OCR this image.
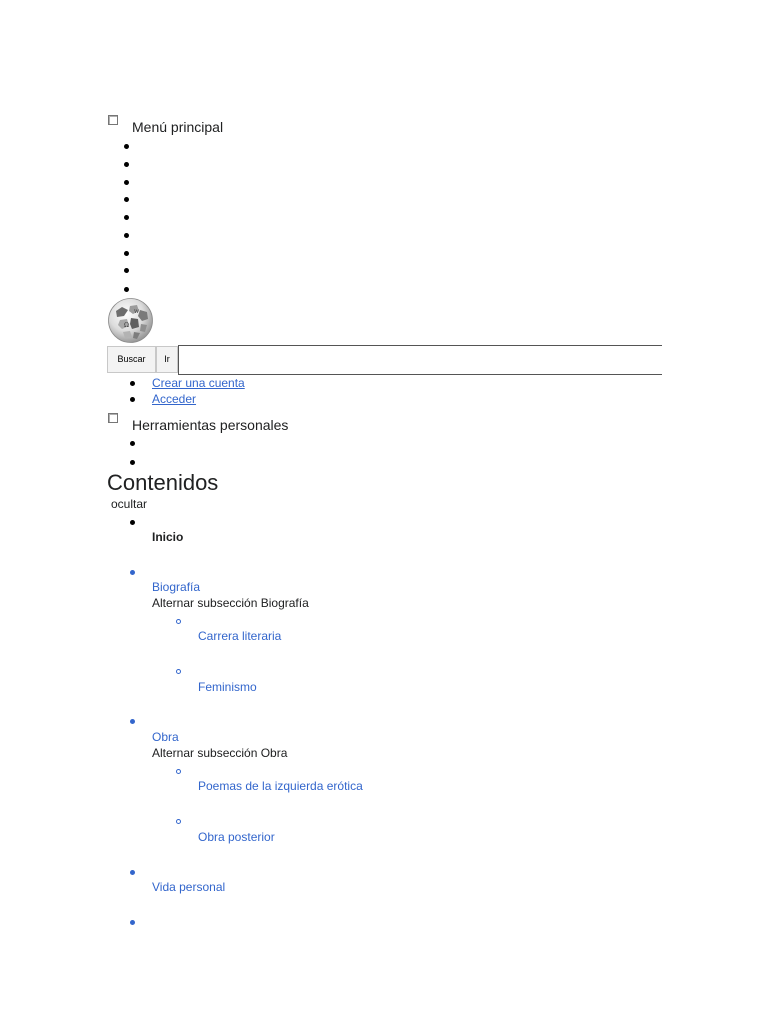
Menú principal
Ω
W
Buscar	Ir
Crear una cuenta
Acceder
Herramientas personales
Contenidos
ocultar
Inicio
Biografía
Alternar subsección Biografía
Carrera literaria
Feminismo
Obra
Alternar subsección Obra
Poemas de la izquierda erótica
Obra posterior
Vida personal
